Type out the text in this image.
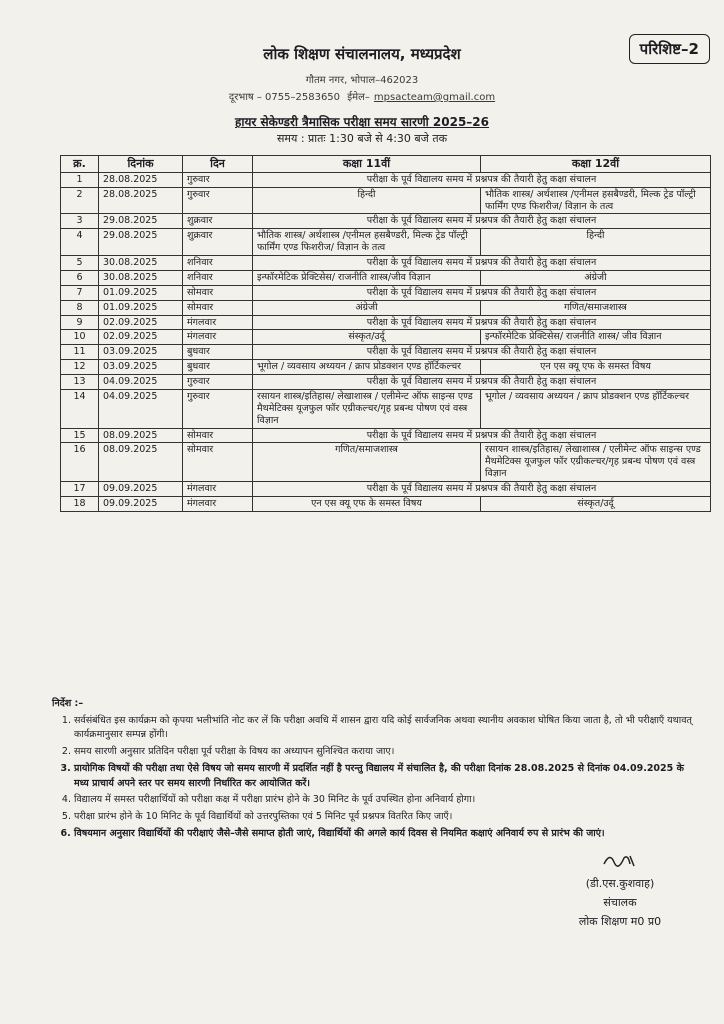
परिशिष्ट–2
लोक शिक्षण संचालनालय, मध्यप्रदेश
गौतम नगर, भोपाल–462023
दूरभाष – 0755–2583650 ईमेल– mpsacteam@gmail.com
हायर सेकेण्डरी त्रैमासिक परीक्षा समय सारणी 2025–26
समय : प्रातः 1:30 बजे से 4:30 बजे तक
क्र.	दिनांक	दिन	कक्षा 11वीं	कक्षा 12वीं
1	28.08.2025	गुरुवार	परीक्षा के पूर्व विद्यालय समय में प्रश्नपत्र की तैयारी हेतु कक्षा संचालन	
2	28.08.2025	गुरुवार	हिन्दी	भौतिक शास्त्र/ अर्थशास्त्र /एनीमल हसबैण्डरी, मिल्क ट्रेड पॉल्ट्री फार्मिंग एण्ड फिशरीज/ विज्ञान के तत्व
3	29.08.2025	शुक्रवार	परीक्षा के पूर्व विद्यालय समय में प्रश्नपत्र की तैयारी हेतु कक्षा संचालन	
4	29.08.2025	शुक्रवार	भौतिक शास्त्र/ अर्थशास्त्र /एनीमल हसबैण्डरी, मिल्क ट्रेड पॉल्ट्री फार्मिंग एण्ड फिशरीज/ विज्ञान के तत्व	हिन्दी
5	30.08.2025	शनिवार	परीक्षा के पूर्व विद्यालय समय में प्रश्नपत्र की तैयारी हेतु कक्षा संचालन	
6	30.08.2025	शनिवार	इन्फॉरमेटिक प्रेक्टिसेस/ राजनीति शास्त्र/जीव विज्ञान	अंग्रेजी
7	01.09.2025	सोमवार	परीक्षा के पूर्व विद्यालय समय में प्रश्नपत्र की तैयारी हेतु कक्षा संचालन	
8	01.09.2025	सोमवार	अंग्रेजी	गणित/समाजशास्त्र
9	02.09.2025	मंगलवार	परीक्षा के पूर्व विद्यालय समय में प्रश्नपत्र की तैयारी हेतु कक्षा संचालन	
10	02.09.2025	मंगलवार	संस्कृत/उर्दू	इन्फॉरमेटिक प्रेक्टिसेस/ राजनीति शास्त्र/ जीव विज्ञान
11	03.09.2025	बुधवार	परीक्षा के पूर्व विद्यालय समय में प्रश्नपत्र की तैयारी हेतु कक्षा संचालन	
12	03.09.2025	बुधवार	भूगोल / व्यवसाय अध्ययन / क्राप प्रोडक्शन एण्ड हॉर्टिकल्चर	एन एस क्यू एफ के समस्त विषय
13	04.09.2025	गुरुवार	परीक्षा के पूर्व विद्यालय समय में प्रश्नपत्र की तैयारी हेतु कक्षा संचालन	
14	04.09.2025	गुरुवार	रसायन शास्त्र/इतिहास/ लेखाशास्त्र / एलीमेन्ट ऑफ साइन्स एण्ड मैथमेटिक्स यूजफुल फॉर एग्रीकल्चर/गृह प्रबन्ध पोषण एवं वस्त्र विज्ञान	भूगोल / व्यवसाय अध्ययन / क्राप प्रोडक्शन एण्ड हॉर्टिकल्चर
15	08.09.2025	सोमवार	परीक्षा के पूर्व विद्यालय समय में प्रश्नपत्र की तैयारी हेतु कक्षा संचालन	
16	08.09.2025	सोमवार	गणित/समाजशास्त्र	रसायन शास्त्र/इतिहास/ लेखाशास्त्र / एलीमेन्ट ऑफ साइन्स एण्ड मैथमेटिक्स यूजफुल फॉर एग्रीकल्चर/गृह प्रबन्ध पोषण एवं वस्त्र विज्ञान
17	09.09.2025	मंगलवार	परीक्षा के पूर्व विद्यालय समय में प्रश्नपत्र की तैयारी हेतु कक्षा संचालन	
18	09.09.2025	मंगलवार	एन एस क्यू एफ के समस्त विषय	संस्कृत/उर्दू
निर्देश :–
1. सर्वसंबंधित इस कार्यक्रम को कृपया भलीभांति नोट कर लें कि परीक्षा अवधि में शासन द्वारा यदि कोई सार्वजनिक अथवा स्थानीय अवकाश घोषित किया जाता है, तो भी परीक्षाएँ यथावत् कार्यक्रमानुसार सम्पन्न होंगी।
2. समय सारणी अनुसार प्रतिदिन परीक्षा पूर्व परीक्षा के विषय का अध्यापन सुनिश्चित कराया जाए।
3. प्रायोगिक विषयों की परीक्षा तथा ऐसे विषय जो समय सारणी में प्रदर्शित नहीं है परन्तु विद्यालय में संचालित है, की परीक्षा दिनांक 28.08.2025 से दिनांक 04.09.2025 के मध्य प्राचार्य अपने स्तर पर समय सारणी निर्धारित कर आयोजित करें।
4. विद्यालय में समस्त परीक्षार्थियों को परीक्षा कक्ष में परीक्षा प्रारंभ होने के 30 मिनिट के पूर्व उपस्थित होना अनिवार्य होगा।
5. परीक्षा प्रारंभ होने के 10 मिनिट के पूर्व विद्यार्थियों को उत्तरपुस्तिका एवं 5 मिनिट पूर्व प्रश्नपत्र वितरित किए जाएँ।
6. विषयमान अनुसार विद्यार्थियों की परीक्षाएं जैसे–जैसे समाप्त होती जाएं, विद्यार्थियों की अगले कार्य दिवस से नियमित कक्षाएं अनिवार्य रुप से प्रारंभ की जाएं।
(डी.एस.कुशवाह)
संचालक
लोक शिक्षण म0 प्र0
